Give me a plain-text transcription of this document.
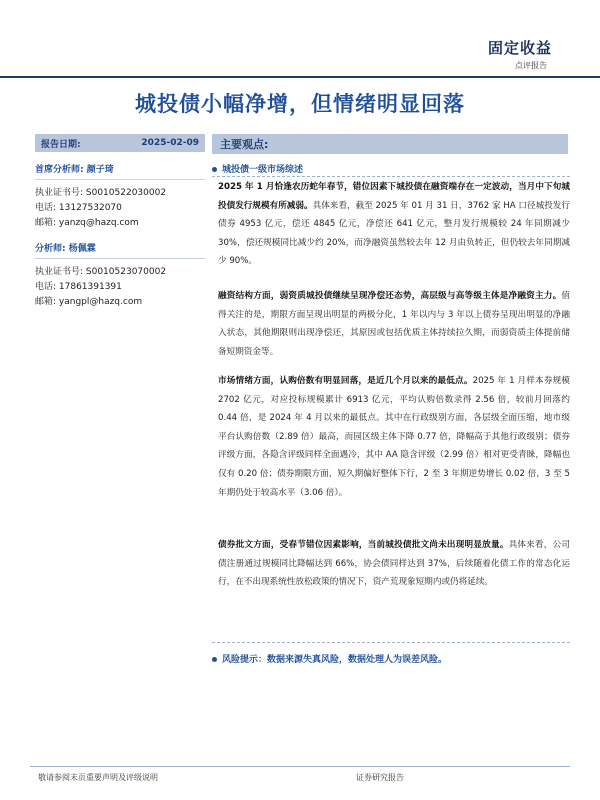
固定收益
点评报告
城投债小幅净增，但情绪明显回落
报告日期:	2025-02-09
首席分析师: 颜子琦
执业证书号: S0010522030002
电话: 13127532070
邮箱: yanzq@hazq.com
分析师: 杨佩霖
执业证书号: S0010523070002
电话: 17861391391
邮箱: yangpl@hazq.com
主要观点:
城投债一级市场综述
2025 年 1 月恰逢农历蛇年春节，错位因素下城投债在融资端存在一定波动，当月中下旬城投债发行规模有所减弱。具体来看，截至 2025 年 01 月 31 日，3762 家 HA 口径城投发行债券 4953 亿元，偿还 4845 亿元，净偿还 641 亿元，整月发行规模较 24 年同期减少 30%，偿还规模同比减少约 20%，而净融资虽然较去年 12 月由负转正，但仍较去年同期减少 90%。
融资结构方面，弱资质城投债继续呈现净偿还态势，高层级与高等级主体是净融资主力。值得关注的是，期限方面呈现出明显的两极分化，1 年以内与 3 年以上债券呈现出明显的净融入状态，其他期限则出现净偿还，其原因或包括优质主体持续拉久期，而弱资质主体提前储备短期资金等。
市场情绪方面，认购倍数有明显回落，是近几个月以来的最低点。2025 年 1 月样本券规模 2702 亿元，对应投标规模累计 6913 亿元，平均认购倍数录得 2.56 倍，较前月回落约 0.44 倍，是 2024 年 4 月以来的最低点。其中在行政级别方面，各层级全面压缩，地市级平台认购倍数（2.89 倍）最高，而园区级主体下降 0.77 倍，降幅高于其他行政级别；债券评级方面，各隐含评级同样全面遇冷，其中 AA 隐含评级（2.99 倍）相对更受青睐，降幅也仅有 0.20 倍；债券期限方面，短久期偏好整体下行，2 至 3 年期逆势增长 0.02 倍，3 至 5 年期仍处于较高水平（3.06 倍）。
债券批文方面，受春节错位因素影响，当前城投债批文尚未出现明显放量。具体来看，公司债注册通过规模同比降幅达到 66%，协会债同样达到 37%，后续随着化债工作的常态化运行，在不出现系统性放松政策的情况下，资产荒现象短期内或仍将延续。
风险提示：数据来源失真风险，数据处理人为误差风险。
敬请参阅末页重要声明及评级说明	证券研究报告
